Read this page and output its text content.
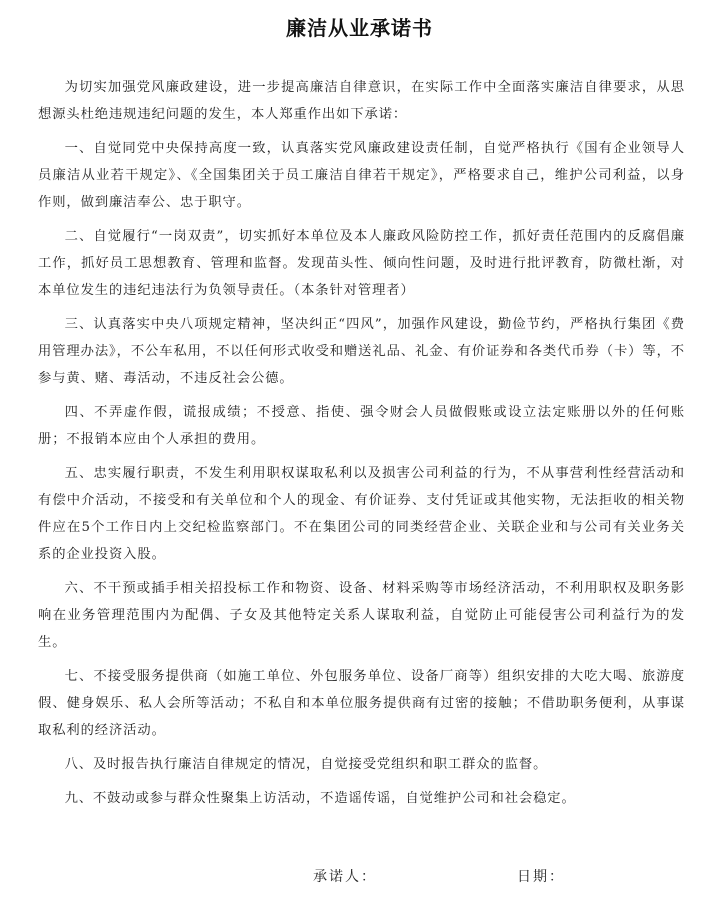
廉洁从业承诺书

为切实加强党风廉政建设，进一步提高廉洁自律意识，在实际工作中全面落实廉洁自律要求，从思想源头杜绝违规违纪问题的发生，本人郑重作出如下承诺：

一、自觉同党中央保持高度一致，认真落实党风廉政建设责任制，自觉严格执行《国有企业领导人员廉洁从业若干规定》、《全国集团关于员工廉洁自律若干规定》，严格要求自己，维护公司利益，以身作则，做到廉洁奉公、忠于职守。

二、自觉履行“一岗双责”，切实抓好本单位及本人廉政风险防控工作，抓好责任范围内的反腐倡廉工作，抓好员工思想教育、管理和监督。发现苗头性、倾向性问题，及时进行批评教育，防微杜渐，对本单位发生的违纪违法行为负领导责任。（本条针对管理者）

三、认真落实中央八项规定精神，坚决纠正“四风”，加强作风建设，勤俭节约，严格执行集团《费用管理办法》，不公车私用，不以任何形式收受和赠送礼品、礼金、有价证券和各类代币券（卡）等，不参与黄、赌、毒活动，不违反社会公德。

四、不弄虚作假，谎报成绩；不授意、指使、强令财会人员做假账或设立法定账册以外的任何账册；不报销本应由个人承担的费用。

五、忠实履行职责，不发生利用职权谋取私利以及损害公司利益的行为，不从事营利性经营活动和有偿中介活动，不接受和有关单位和个人的现金、有价证券、支付凭证或其他实物，无法拒收的相关物件应在5个工作日内上交纪检监察部门。不在集团公司的同类经营企业、关联企业和与公司有关业务关系的企业投资入股。

六、不干预或插手相关招投标工作和物资、设备、材料采购等市场经济活动，不利用职权及职务影响在业务管理范围内为配偶、子女及其他特定关系人谋取利益，自觉防止可能侵害公司利益行为的发生。

七、不接受服务提供商（如施工单位、外包服务单位、设备厂商等）组织安排的大吃大喝、旅游度假、健身娱乐、私人会所等活动；不私自和本单位服务提供商有过密的接触；不借助职务便利，从事谋取私利的经济活动。

八、及时报告执行廉洁自律规定的情况，自觉接受党组织和职工群众的监督。

九、不鼓动或参与群众性聚集上访活动，不造谣传谣，自觉维护公司和社会稳定。

承诺人：	日期：
